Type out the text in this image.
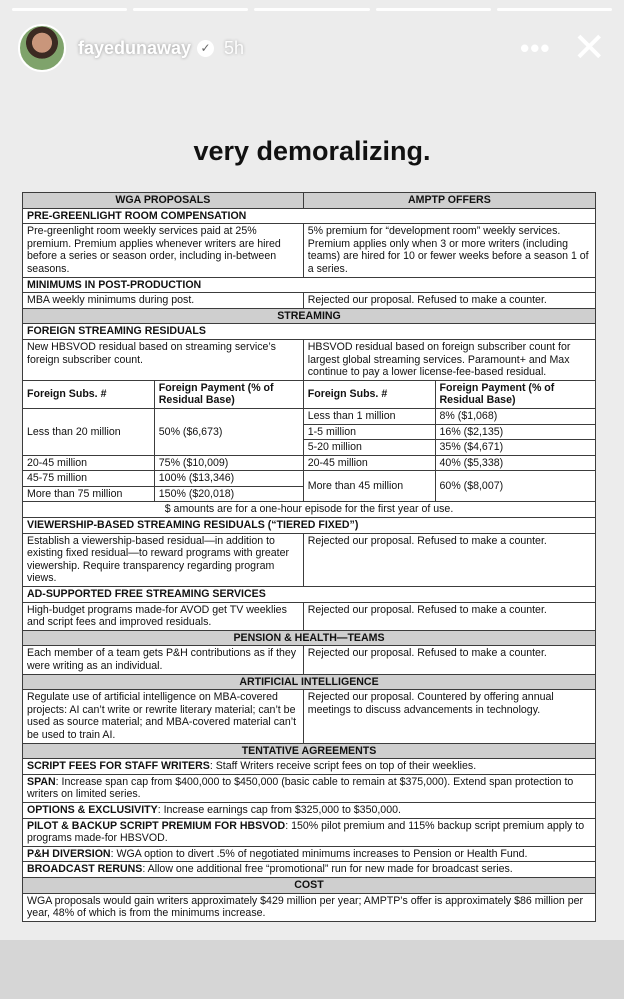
fayedunaway ✓ 5h	••• ✕
very demoralizing.
WGA PROPOSALS		AMPTP OFFERS	
PRE-GREENLIGHT ROOM COMPENSATION			
Pre-greenlight room weekly services paid at 25% premium. Premium applies whenever writers are hired before a series or season order, including in-between seasons.		5% premium for “development room” weekly services. Premium applies only when 3 or more writers (including teams) are hired for 10 or fewer weeks before a season 1 of a series.	
MINIMUMS IN POST-PRODUCTION			
MBA weekly minimums during post.		Rejected our proposal. Refused to make a counter.	
STREAMING			
FOREIGN STREAMING RESIDUALS			
New HBSVOD residual based on streaming service’s foreign subscriber count.		HBSVOD residual based on foreign subscriber count for largest global streaming services. Paramount+ and Max continue to pay a lower license-fee-based residual.	
Foreign Subs. #	Foreign Payment (% of Residual Base)	Foreign Subs. #	Foreign Payment (% of Residual Base)
Less than 20 million	50% ($6,673)	Less than 1 million	8% ($1,068)
		1-5 million	16% ($2,135)
		5-20 million	35% ($4,671)
20-45 million	75% ($10,009)	20-45 million	40% ($5,338)
45-75 million	100% ($13,346)	More than 45 million	60% ($8,007)
More than 75 million	150% ($20,018)		
$ amounts are for a one-hour episode for the first year of use.			
VIEWERSHIP-BASED STREAMING RESIDUALS (“TIERED FIXED”)			
Establish a viewership-based residual—in addition to existing fixed residual—to reward programs with greater viewership. Require transparency regarding program views.		Rejected our proposal. Refused to make a counter.	
AD-SUPPORTED FREE STREAMING SERVICES			
High-budget programs made-for AVOD get TV weeklies and script fees and improved residuals.		Rejected our proposal. Refused to make a counter.	
PENSION & HEALTH—TEAMS			
Each member of a team gets P&H contributions as if they were writing as an individual.		Rejected our proposal. Refused to make a counter.	
ARTIFICIAL INTELLIGENCE			
Regulate use of artificial intelligence on MBA-covered projects: AI can’t write or rewrite literary material; can’t be used as source material; and MBA-covered material can’t be used to train AI.		Rejected our proposal. Countered by offering annual meetings to discuss advancements in technology.	
TENTATIVE AGREEMENTS			
SCRIPT FEES FOR STAFF WRITERS: Staff Writers receive script fees on top of their weeklies.			
SPAN: Increase span cap from $400,000 to $450,000 (basic cable to remain at $375,000). Extend span protection to writers on limited series.			
OPTIONS & EXCLUSIVITY: Increase earnings cap from $325,000 to $350,000.			
PILOT & BACKUP SCRIPT PREMIUM FOR HBSVOD: 150% pilot premium and 115% backup script premium apply to programs made-for HBSVOD.			
P&H DIVERSION: WGA option to divert .5% of negotiated minimums increases to Pension or Health Fund.			
BROADCAST RERUNS: Allow one additional free “promotional” run for new made for broadcast series.			
COST			
WGA proposals would gain writers approximately $429 million per year; AMPTP’s offer is approximately $86 million per year, 48% of which is from the minimums increase.			
